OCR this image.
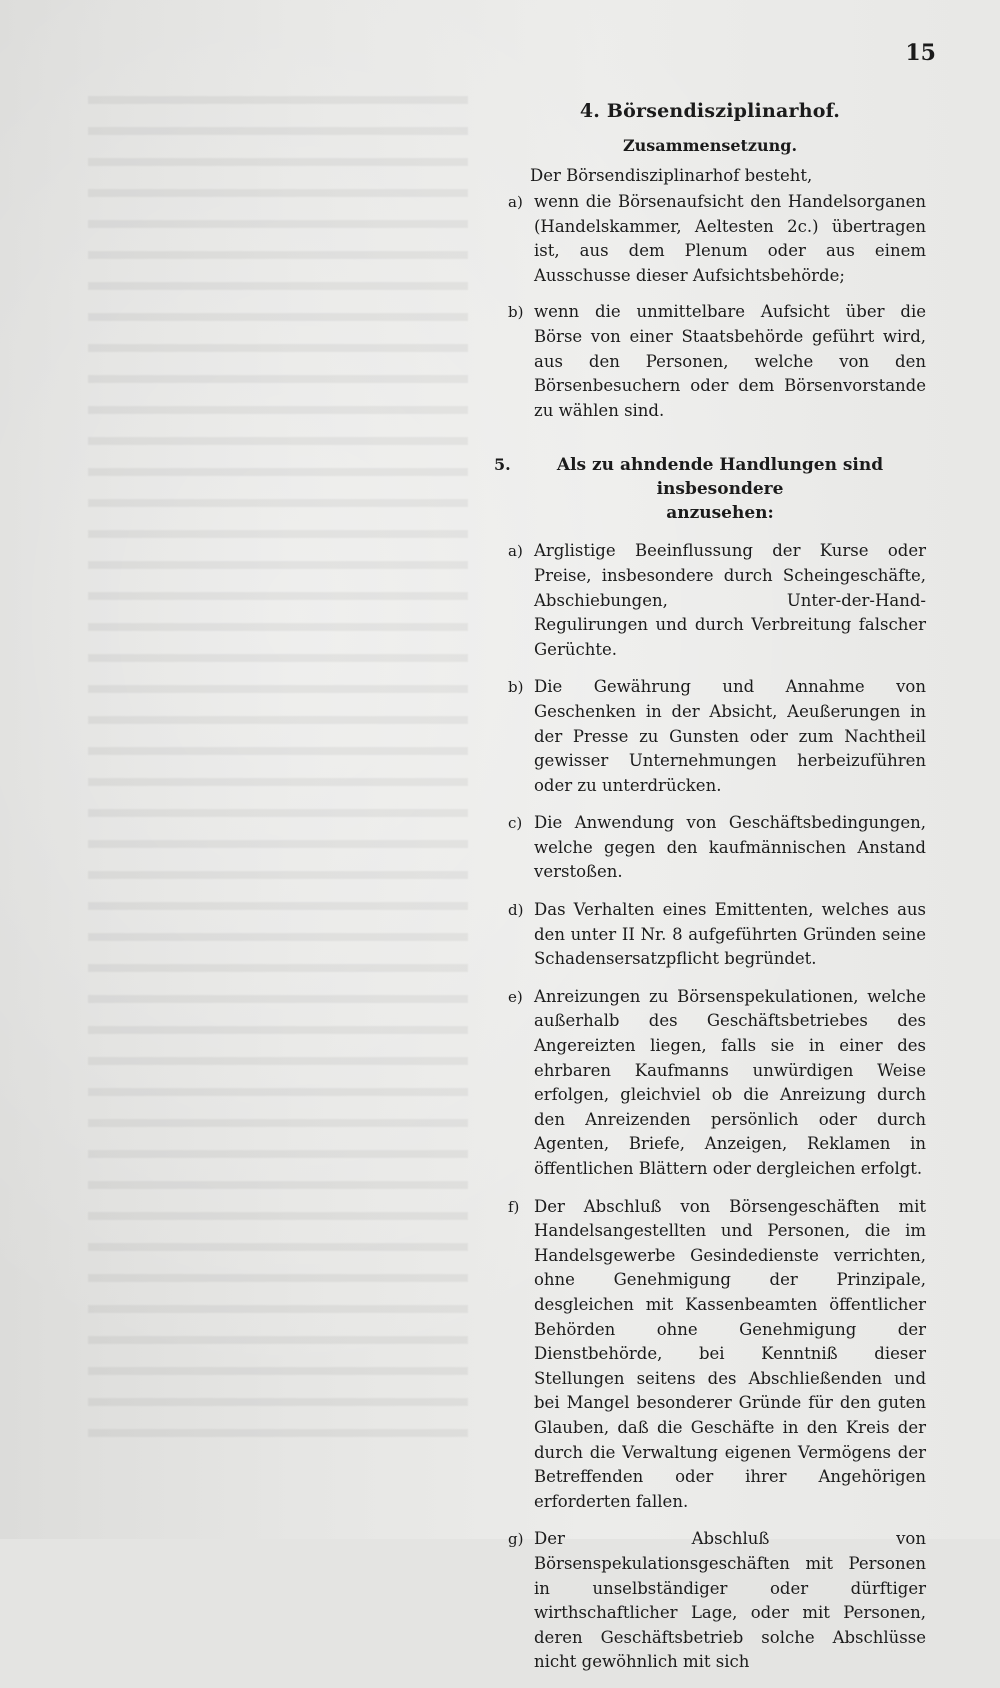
15
4. Börsendisziplinarhof.
Zusammensetzung.

Der Börsendisziplinarhof besteht,

a) wenn die Börsenaufsicht den Handelsorganen (Handelskammer, Aeltesten 2c.) übertragen ist, aus dem Plenum oder aus einem Ausschusse dieser Aufsichtsbehörde;
b) wenn die unmittelbare Aufsicht über die Börse von einer Staatsbehörde geführt wird, aus den Personen, welche von den Börsenbesuchern oder dem Börsenvorstande zu wählen sind.
5.	Als zu ahndende Handlungen sind insbesondere
anzusehen:
a) Arglistige Beeinflussung der Kurse oder Preise, insbesondere durch Scheingeschäfte, Abschiebungen, Unter-der-Hand-Regulirungen und durch Verbreitung falscher Gerüchte.
b) Die Gewährung und Annahme von Geschenken in der Absicht, Aeußerungen in der Presse zu Gunsten oder zum Nachtheil gewisser Unternehmungen herbeizuführen oder zu unterdrücken.
c) Die Anwendung von Geschäftsbedingungen, welche gegen den kaufmännischen Anstand verstoßen.
d) Das Verhalten eines Emittenten, welches aus den unter II Nr. 8 aufgeführten Gründen seine Schadensersatzpflicht begründet.
e) Anreizungen zu Börsenspekulationen, welche außerhalb des Geschäftsbetriebes des Angereizten liegen, falls sie in einer des ehrbaren Kaufmanns unwürdigen Weise erfolgen, gleichviel ob die Anreizung durch den Anreizenden persönlich oder durch Agenten, Briefe, Anzeigen, Reklamen in öffentlichen Blättern oder dergleichen erfolgt.
f) Der Abschluß von Börsengeschäften mit Handelsangestellten und Personen, die im Handelsgewerbe Gesindedienste verrichten, ohne Genehmigung der Prinzipale, desgleichen mit Kassenbeamten öffentlicher Behörden ohne Genehmigung der Dienstbehörde, bei Kenntniß dieser Stellungen seitens des Abschließenden und bei Mangel besonderer Gründe für den guten Glauben, daß die Geschäfte in den Kreis der durch die Verwaltung eigenen Vermögens der Betreffenden oder ihrer Angehörigen erforderten fallen.
g) Der Abschluß von Börsenspekulationsgeschäften mit Personen in unselbständiger oder dürftiger wirthschaftlicher Lage, oder mit Personen, deren Geschäftsbetrieb solche Abschlüsse nicht gewöhnlich mit sich
